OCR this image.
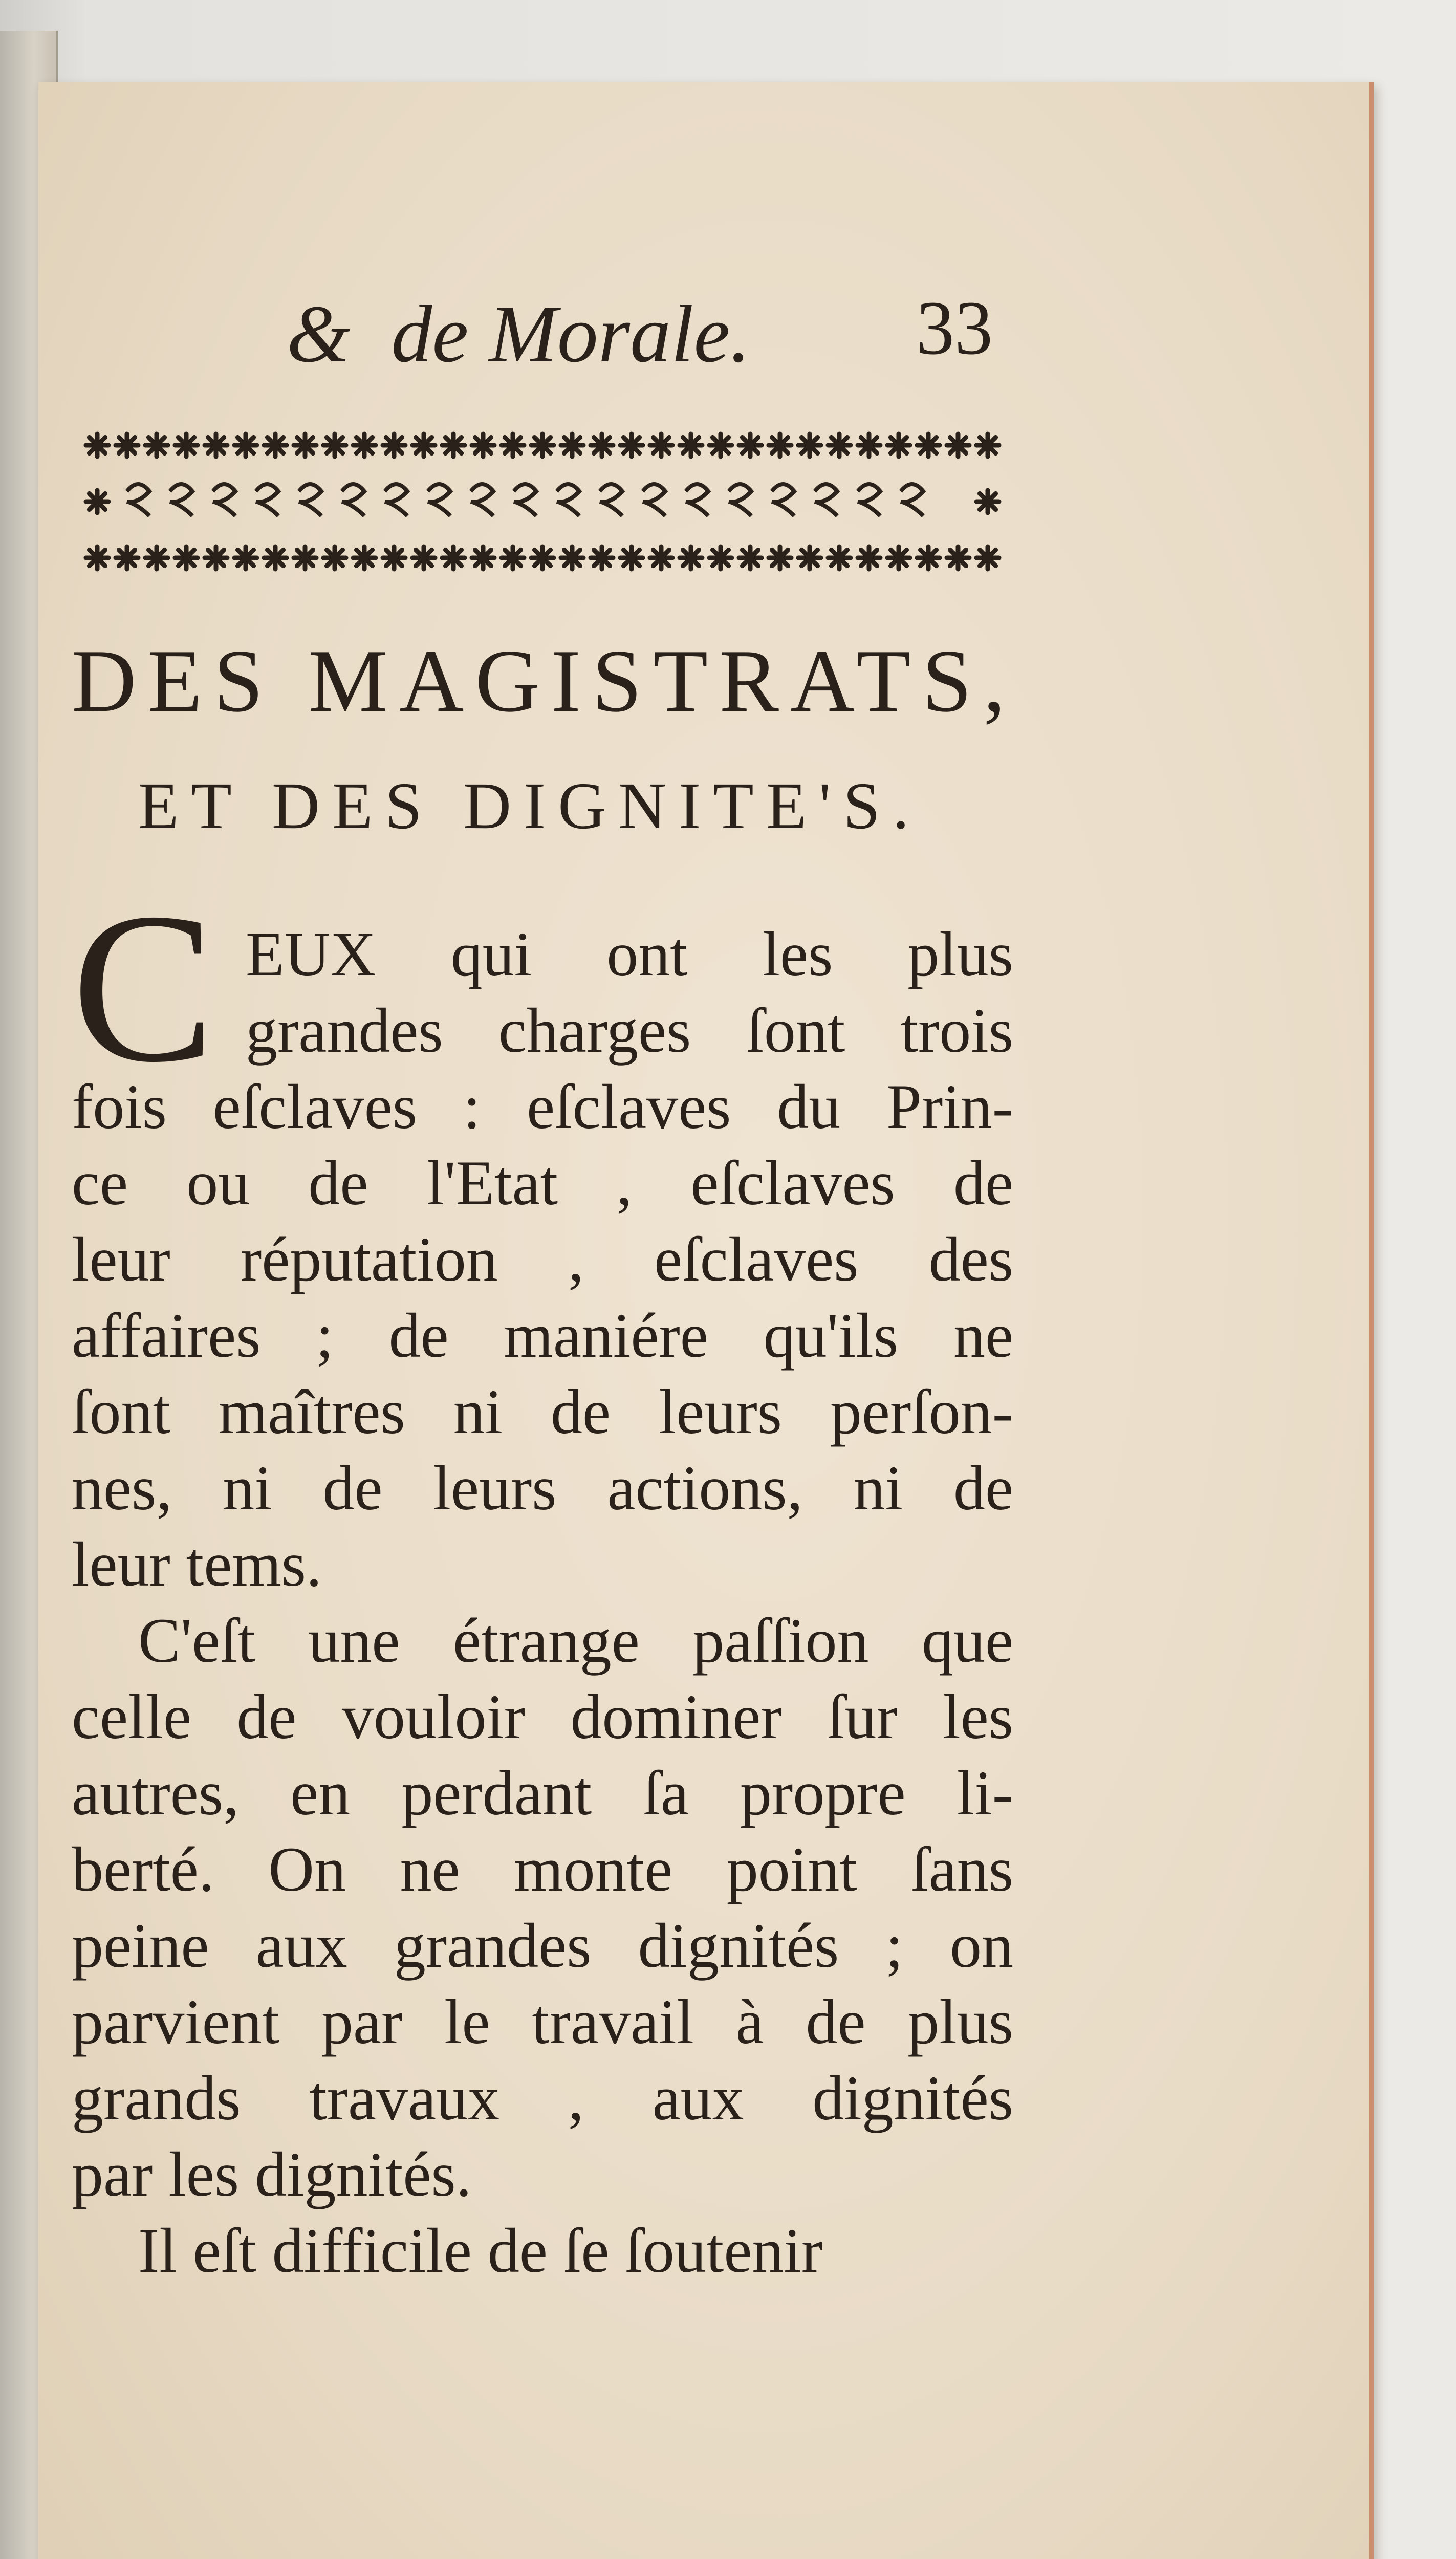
& de Morale.	33
DES MAGISTRATS,
ET DES DIGNITE'S.
C EUX qui ont les plus
grandes charges ſont trois
fois eſclaves : eſclaves du Prin-
ce ou de l'Etat , eſclaves de
leur réputation , eſclaves des
affaires ; de maniére qu'ils ne
ſont maîtres ni de leurs perſon-
nes, ni de leurs actions, ni de
leur tems.
C'eſt une étrange paſſion que
celle de vouloir dominer ſur les
autres, en perdant ſa propre li-
berté. On ne monte point ſans
peine aux grandes dignités ; on
parvient par le travail à de plus
grands travaux , aux dignités
par les dignités.
Il eſt difficile de ſe ſoutenir
